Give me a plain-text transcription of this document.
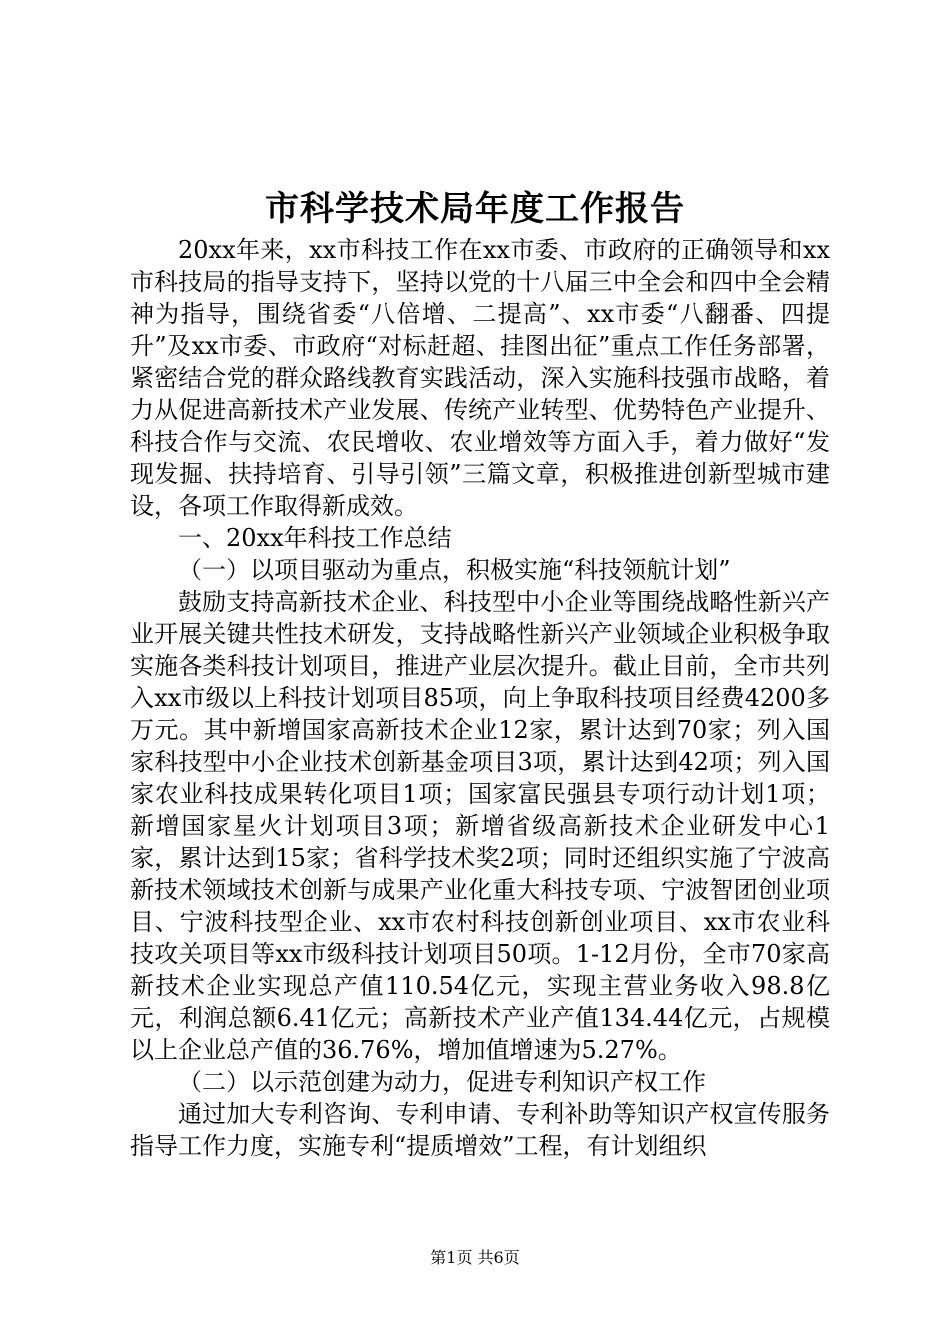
市科学技术局年度工作报告

20xx年来，xx市科技工作在xx市委、市政府的正确领导和xx市科技局的指导支持下，坚持以党的十八届三中全会和四中全会精神为指导，围绕省委“八倍增、二提高”、xx市委“八翻番、四提升”及xx市委、市政府“对标赶超、挂图出征”重点工作任务部署，紧密结合党的群众路线教育实践活动，深入实施科技强市战略，着力从促进高新技术产业发展、传统产业转型、优势特色产业提升、科技合作与交流、农民增收、农业增效等方面入手，着力做好“发现发掘、扶持培育、引导引领”三篇文章，积极推进创新型城市建设，各项工作取得新成效。

一、20xx年科技工作总结

（一）以项目驱动为重点，积极实施“科技领航计划”

鼓励支持高新技术企业、科技型中小企业等围绕战略性新兴产业开展关键共性技术研发，支持战略性新兴产业领域企业积极争取实施各类科技计划项目，推进产业层次提升。截止目前，全市共列入xx市级以上科技计划项目85项，向上争取科技项目经费4200多万元。其中新增国家高新技术企业12家，累计达到70家；列入国家科技型中小企业技术创新基金项目3项，累计达到42项；列入国家农业科技成果转化项目1项；国家富民强县专项行动计划1项；新增国家星火计划项目3项；新增省级高新技术企业研发中心1家，累计达到15家；省科学技术奖2项；同时还组织实施了宁波高新技术领域技术创新与成果产业化重大科技专项、宁波智团创业项目、宁波科技型企业、xx市农村科技创新创业项目、xx市农业科技攻关项目等xx市级科技计划项目50项。1-12月份，全市70家高新技术企业实现总产值110.54亿元，实现主营业务收入98.8亿元，利润总额6.41亿元；高新技术产业产值134.44亿元，占规模以上企业总产值的36.76%，增加值增速为5.27%。

（二）以示范创建为动力，促进专利知识产权工作

通过加大专利咨询、专利申请、专利补助等知识产权宣传服务指导工作力度，实施专利“提质增效”工程，有计划组织

第1页 共6页
